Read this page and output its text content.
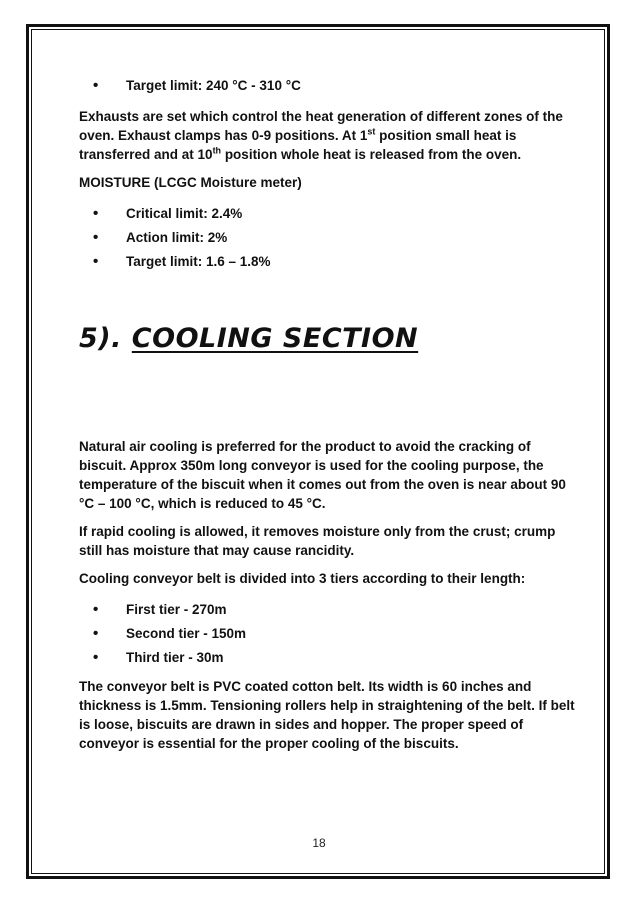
• Target limit: 240 °C - 310 °C

Exhausts are set which control the heat generation of different zones of the oven. Exhaust clamps has 0-9 positions. At 1st position small heat is transferred and at 10th position whole heat is released from the oven.

MOISTURE (LCGC Moisture meter)

• Critical limit: 2.4%
• Action limit: 2%
• Target limit: 1.6 – 1.8%
5). COOLING SECTION

Natural air cooling is preferred for the product to avoid the cracking of biscuit. Approx 350m long conveyor is used for the cooling purpose, the temperature of the biscuit when it comes out from the oven is near about 90 °C – 100 °C, which is reduced to 45 °C.

If rapid cooling is allowed, it removes moisture only from the crust; crump still has moisture that may cause rancidity.

Cooling conveyor belt is divided into 3 tiers according to their length:

• First tier - 270m
• Second tier - 150m
• Third tier - 30m

The conveyor belt is PVC coated cotton belt. Its width is 60 inches and thickness is 1.5mm. Tensioning rollers help in straightening of the belt. If belt is loose, biscuits are drawn in sides and hopper. The proper speed of conveyor is essential for the proper cooling of the biscuits.

18
